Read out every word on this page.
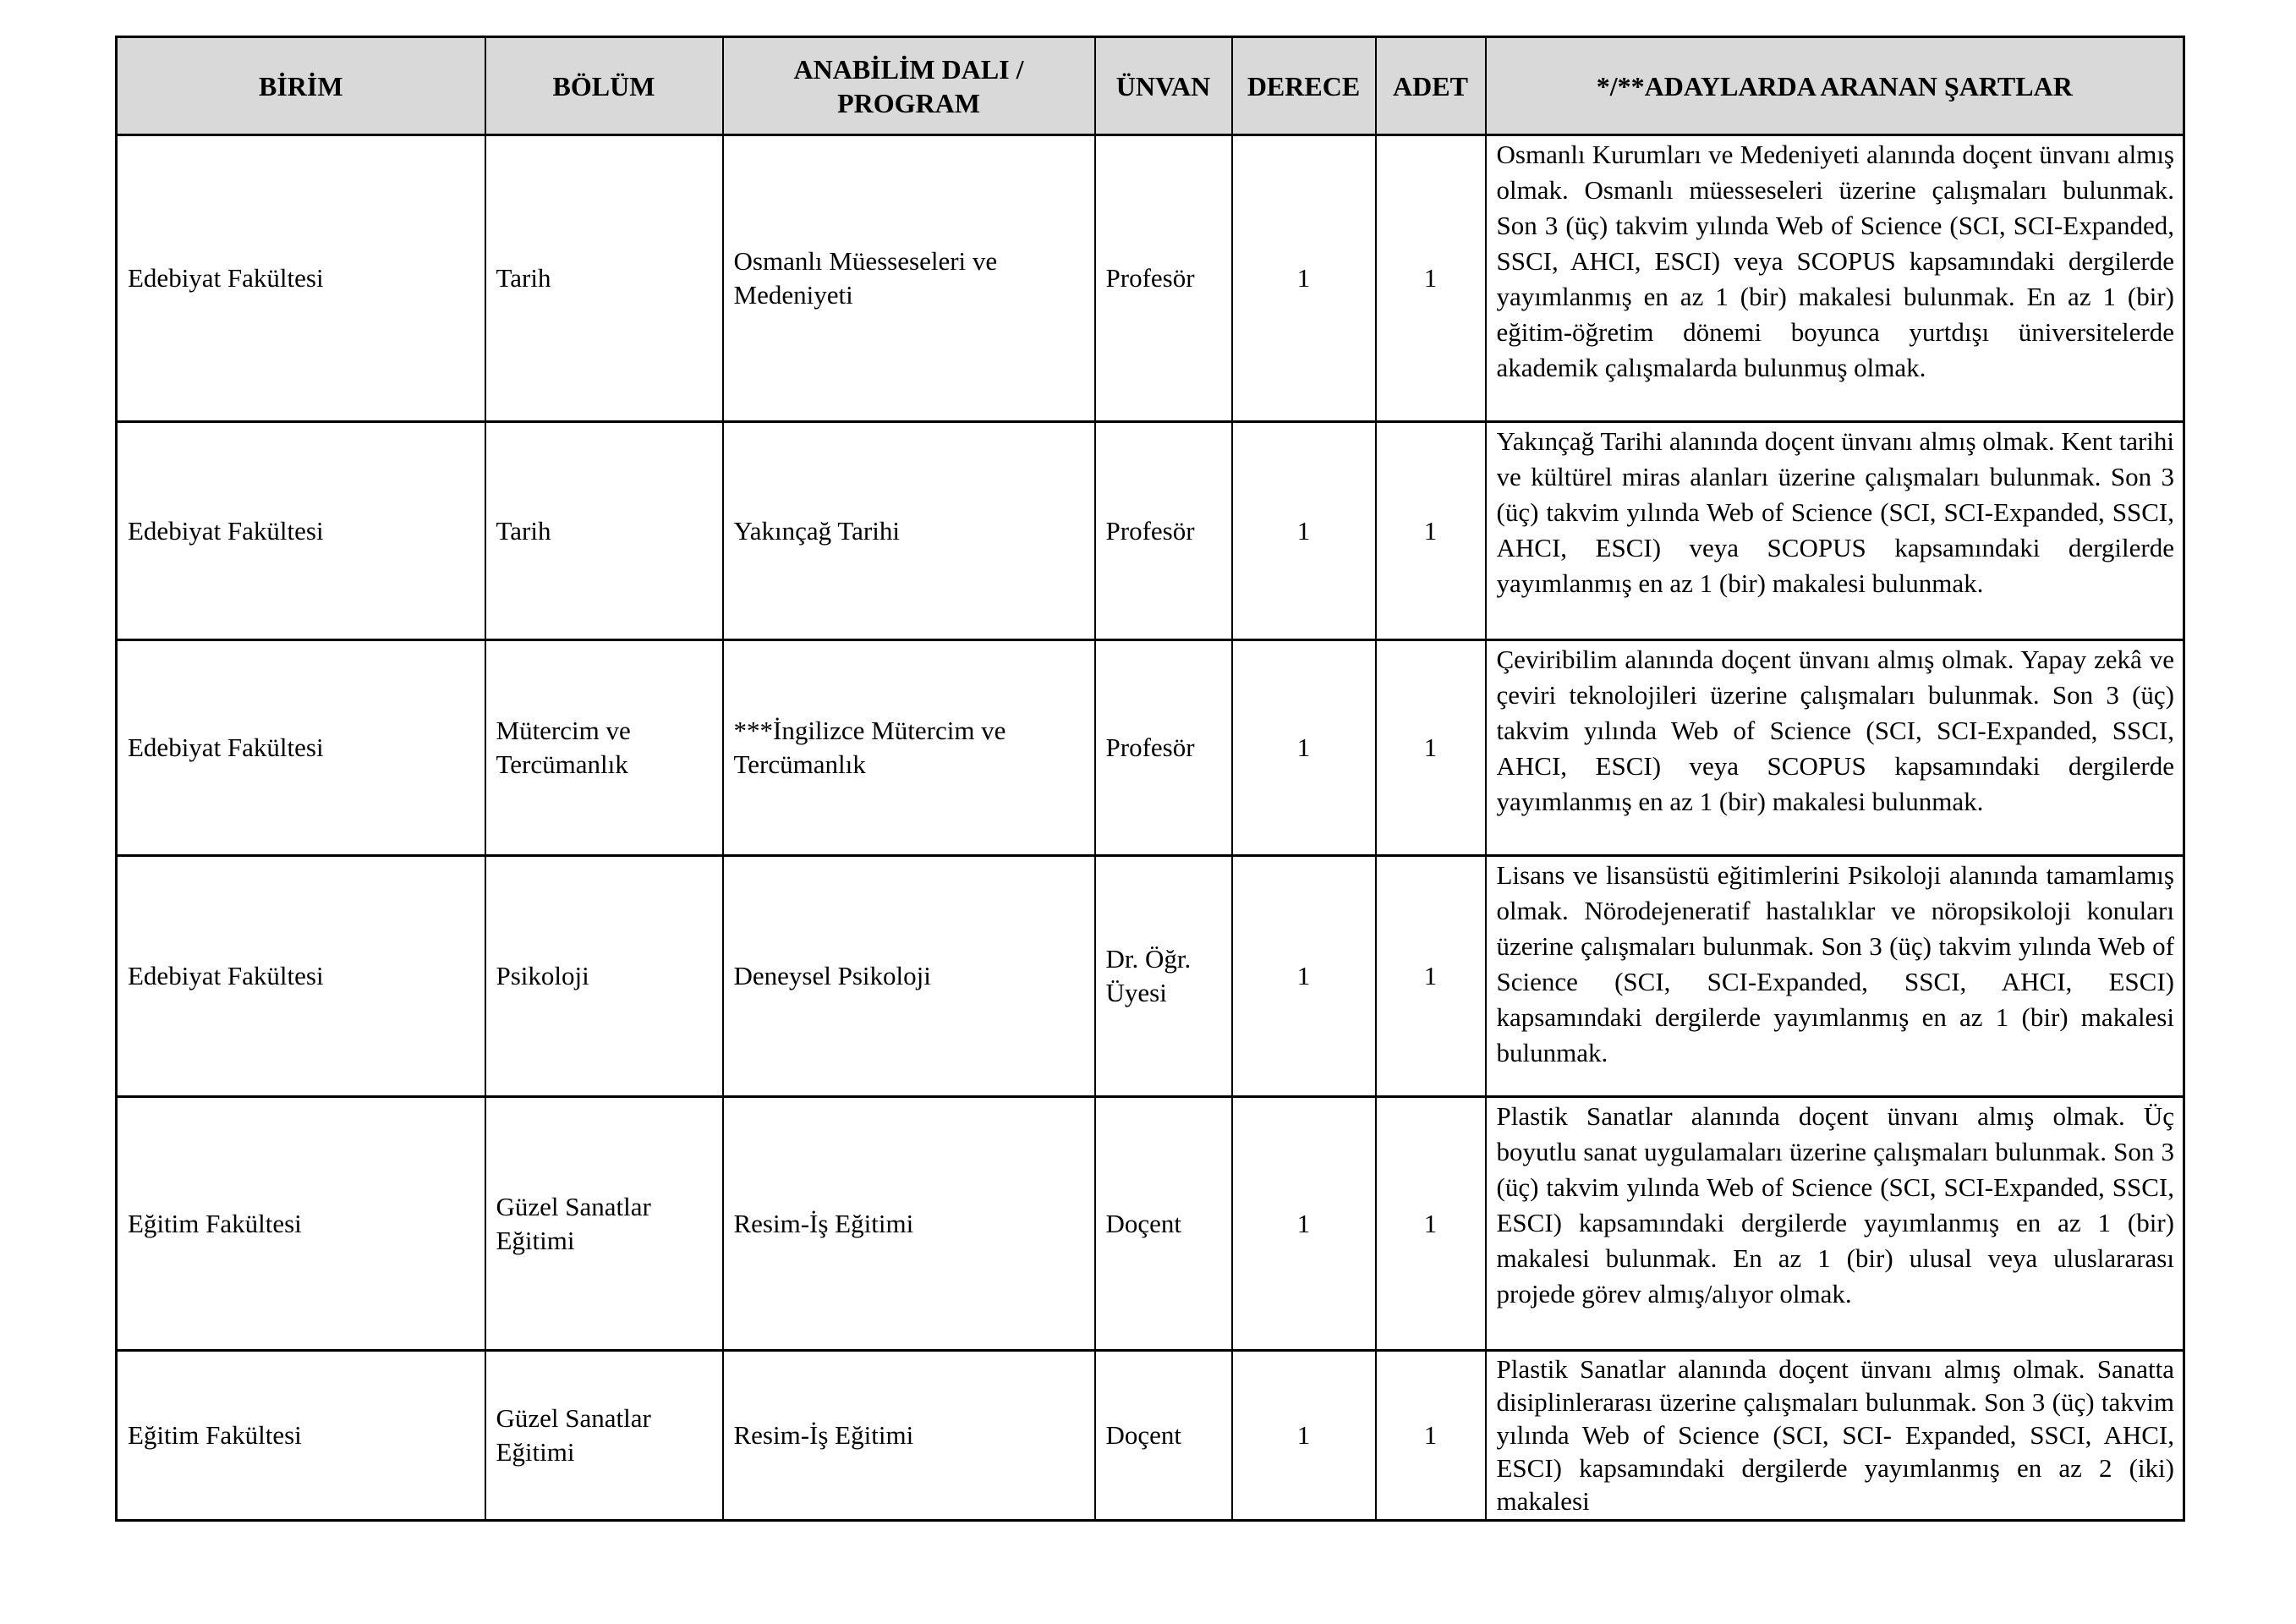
BİRİM	BÖLÜM	ANABİLİM DALI / PROGRAM	ÜNVAN	DERECE	ADET	*/**ADAYLARDA ARANAN ŞARTLAR
Edebiyat Fakültesi	Tarih	Osmanlı Müesseseleri ve Medeniyeti	Profesör	1	1	Osmanlı Kurumları ve Medeniyeti alanında doçent ünvanı almış olmak. Osmanlı müesseseleri üzerine çalışmaları bulunmak. Son 3 (üç) takvim yılında Web of Science (SCI, SCI-Expanded, SSCI, AHCI, ESCI) veya SCOPUS kapsamındaki dergilerde yayımlanmış en az 1 (bir) makalesi bulunmak. En az 1 (bir) eğitim-öğretim dönemi boyunca yurtdışı üniversitelerde akademik çalışmalarda bulunmuş olmak.

Edebiyat Fakültesi	Tarih	Yakınçağ Tarihi	Profesör	1	1	Yakınçağ Tarihi alanında doçent ünvanı almış olmak. Kent tarihi ve kültürel miras alanları üzerine çalışmaları bulunmak. Son 3 (üç) takvim yılında Web of Science (SCI, SCI-Expanded, SSCI, AHCI, ESCI) veya SCOPUS kapsamındaki dergilerde yayımlanmış en az 1 (bir) makalesi bulunmak.

Edebiyat Fakültesi	Mütercim ve Tercümanlık	***İngilizce Mütercim ve Tercümanlık	Profesör	1	1	Çeviribilim alanında doçent ünvanı almış olmak. Yapay zekâ ve çeviri teknolojileri üzerine çalışmaları bulunmak. Son 3 (üç) takvim yılında Web of Science (SCI, SCI-Expanded, SSCI, AHCI, ESCI) veya SCOPUS kapsamındaki dergilerde yayımlanmış en az 1 (bir) makalesi bulunmak.

Edebiyat Fakültesi	Psikoloji	Deneysel Psikoloji	Dr. Öğr. Üyesi	1	1	Lisans ve lisansüstü eğitimlerini Psikoloji alanında tamamlamış olmak. Nörodejeneratif hastalıklar ve nöropsikoloji konuları üzerine çalışmaları bulunmak. Son 3 (üç) takvim yılında Web of Science (SCI, SCI-Expanded, SSCI, AHCI, ESCI) kapsamındaki dergilerde yayımlanmış en az 1 (bir) makalesi bulunmak.

Eğitim Fakültesi	Güzel Sanatlar Eğitimi	Resim-İş Eğitimi	Doçent	1	1	Plastik Sanatlar alanında doçent ünvanı almış olmak. Üç boyutlu sanat uygulamaları üzerine çalışmaları bulunmak. Son 3 (üç) takvim yılında Web of Science (SCI, SCI-Expanded, SSCI, ESCI) kapsamındaki dergilerde yayımlanmış en az 1 (bir) makalesi bulunmak. En az 1 (bir) ulusal veya uluslararası projede görev almış/alıyor olmak.

Eğitim Fakültesi	Güzel Sanatlar Eğitimi	Resim-İş Eğitimi	Doçent	1	1	Plastik Sanatlar alanında doçent ünvanı almış olmak. Sanatta disiplinlerarası üzerine çalışmaları bulunmak. Son 3 (üç) takvim yılında Web of Science (SCI, SCI- Expanded, SSCI, AHCI, ESCI) kapsamındaki dergilerde yayımlanmış en az 2 (iki) makalesi
